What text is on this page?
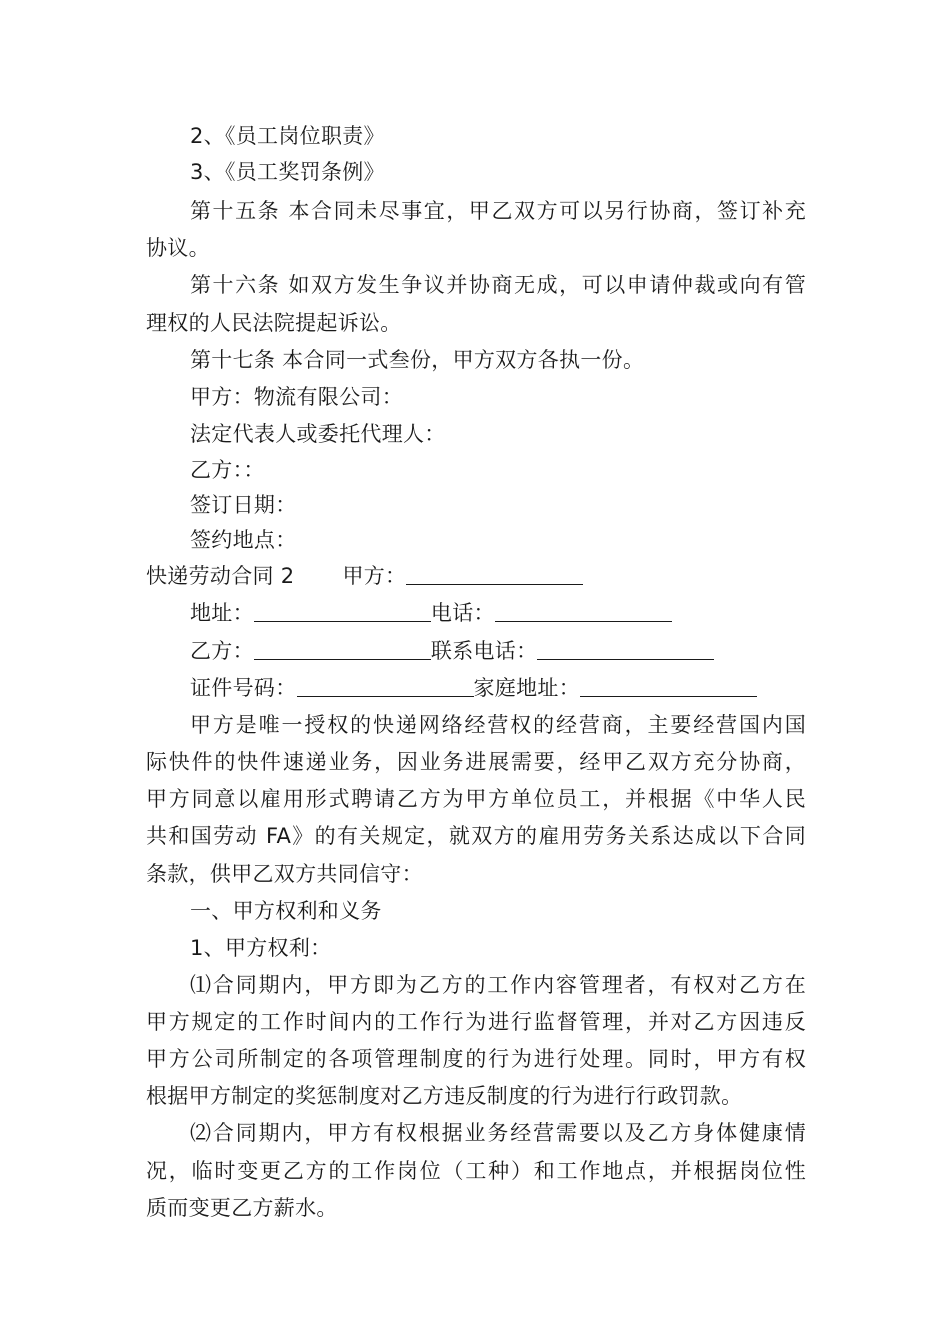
2、《员工岗位职责》
3、《员工奖罚条例》
第十五条 本合同未尽事宜，甲乙双方可以另行协商，签订补充
协议。
第十六条 如双方发生争议并协商无成，可以申请仲裁或向有管
理权的人民法院提起诉讼。
第十七条 本合同一式叁份，甲方双方各执一份。
甲方：物流有限公司：
法定代表人或委托代理人：
乙方：：
签订日期：
签约地点：
快递劳动合同 2 甲方：
地址：	电话：
乙方：	联系电话：
证件号码：	家庭地址：
甲方是唯一授权的快递网络经营权的经营商，主要经营国内国
际快件的快件速递业务，因业务进展需要，经甲乙双方充分协商，
甲方同意以雇用形式聘请乙方为甲方单位员工，并根据《中华人民
共和国劳动 FA》的有关规定，就双方的雇用劳务关系达成以下合同
条款，供甲乙双方共同信守：
一、甲方权利和义务
1、甲方权利：
⑴合同期内，甲方即为乙方的工作内容管理者，有权对乙方在
甲方规定的工作时间内的工作行为进行监督管理，并对乙方因违反
甲方公司所制定的各项管理制度的行为进行处理。同时，甲方有权
根据甲方制定的奖惩制度对乙方违反制度的行为进行行政罚款。
⑵合同期内，甲方有权根据业务经营需要以及乙方身体健康情
况，临时变更乙方的工作岗位（工种）和工作地点，并根据岗位性
质而变更乙方薪水。
